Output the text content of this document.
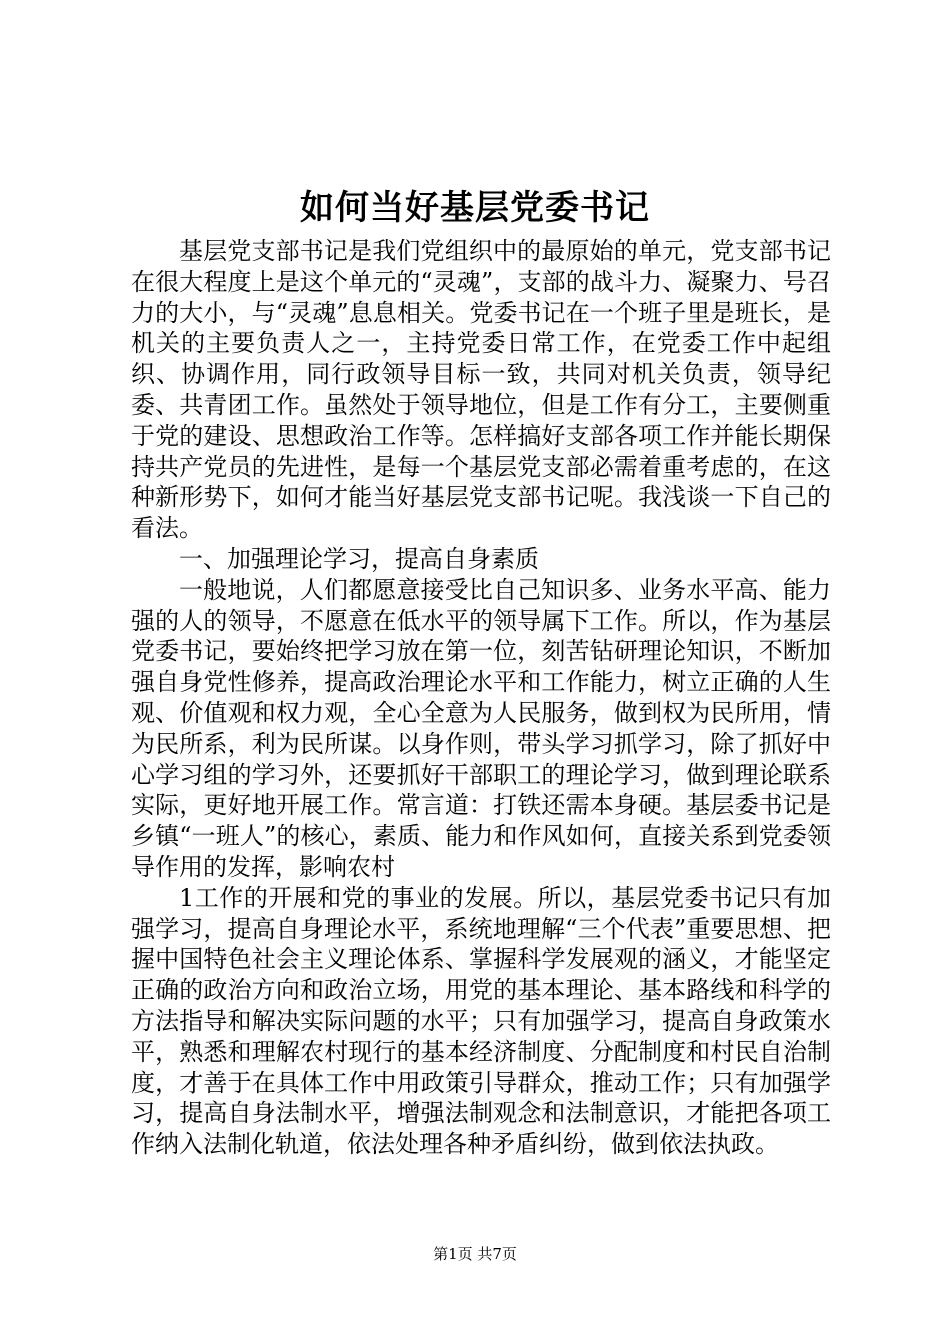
如何当好基层党委书记

基层党支部书记是我们党组织中的最原始的单元，党支部书记在很大程度上是这个单元的“灵魂”，支部的战斗力、凝聚力、号召力的大小，与“灵魂”息息相关。党委书记在一个班子里是班长，是机关的主要负责人之一，主持党委日常工作，在党委工作中起组织、协调作用，同行政领导目标一致，共同对机关负责，领导纪委、共青团工作。虽然处于领导地位，但是工作有分工，主要侧重于党的建设、思想政治工作等。怎样搞好支部各项工作并能长期保持共产党员的先进性，是每一个基层党支部必需着重考虑的，在这种新形势下，如何才能当好基层党支部书记呢。我浅谈一下自己的看法。

一、加强理论学习，提高自身素质

一般地说，人们都愿意接受比自己知识多、业务水平高、能力强的人的领导，不愿意在低水平的领导属下工作。所以，作为基层党委书记，要始终把学习放在第一位，刻苦钻研理论知识，不断加强自身党性修养，提高政治理论水平和工作能力，树立正确的人生观、价值观和权力观，全心全意为人民服务，做到权为民所用，情为民所系，利为民所谋。以身作则，带头学习抓学习，除了抓好中心学习组的学习外，还要抓好干部职工的理论学习，做到理论联系实际，更好地开展工作。常言道：打铁还需本身硬。基层委书记是乡镇“一班人”的核心，素质、能力和作风如何，直接关系到党委领导作用的发挥，影响农村

1工作的开展和党的事业的发展。所以，基层党委书记只有加强学习，提高自身理论水平，系统地理解“三个代表”重要思想、把握中国特色社会主义理论体系、掌握科学发展观的涵义，才能坚定正确的政治方向和政治立场，用党的基本理论、基本路线和科学的方法指导和解决实际问题的水平；只有加强学习，提高自身政策水平，熟悉和理解农村现行的基本经济制度、分配制度和村民自治制度，才善于在具体工作中用政策引导群众，推动工作；只有加强学习，提高自身法制水平，增强法制观念和法制意识，才能把各项工作纳入法制化轨道，依法处理各种矛盾纠纷，做到依法执政。

第1页 共7页
